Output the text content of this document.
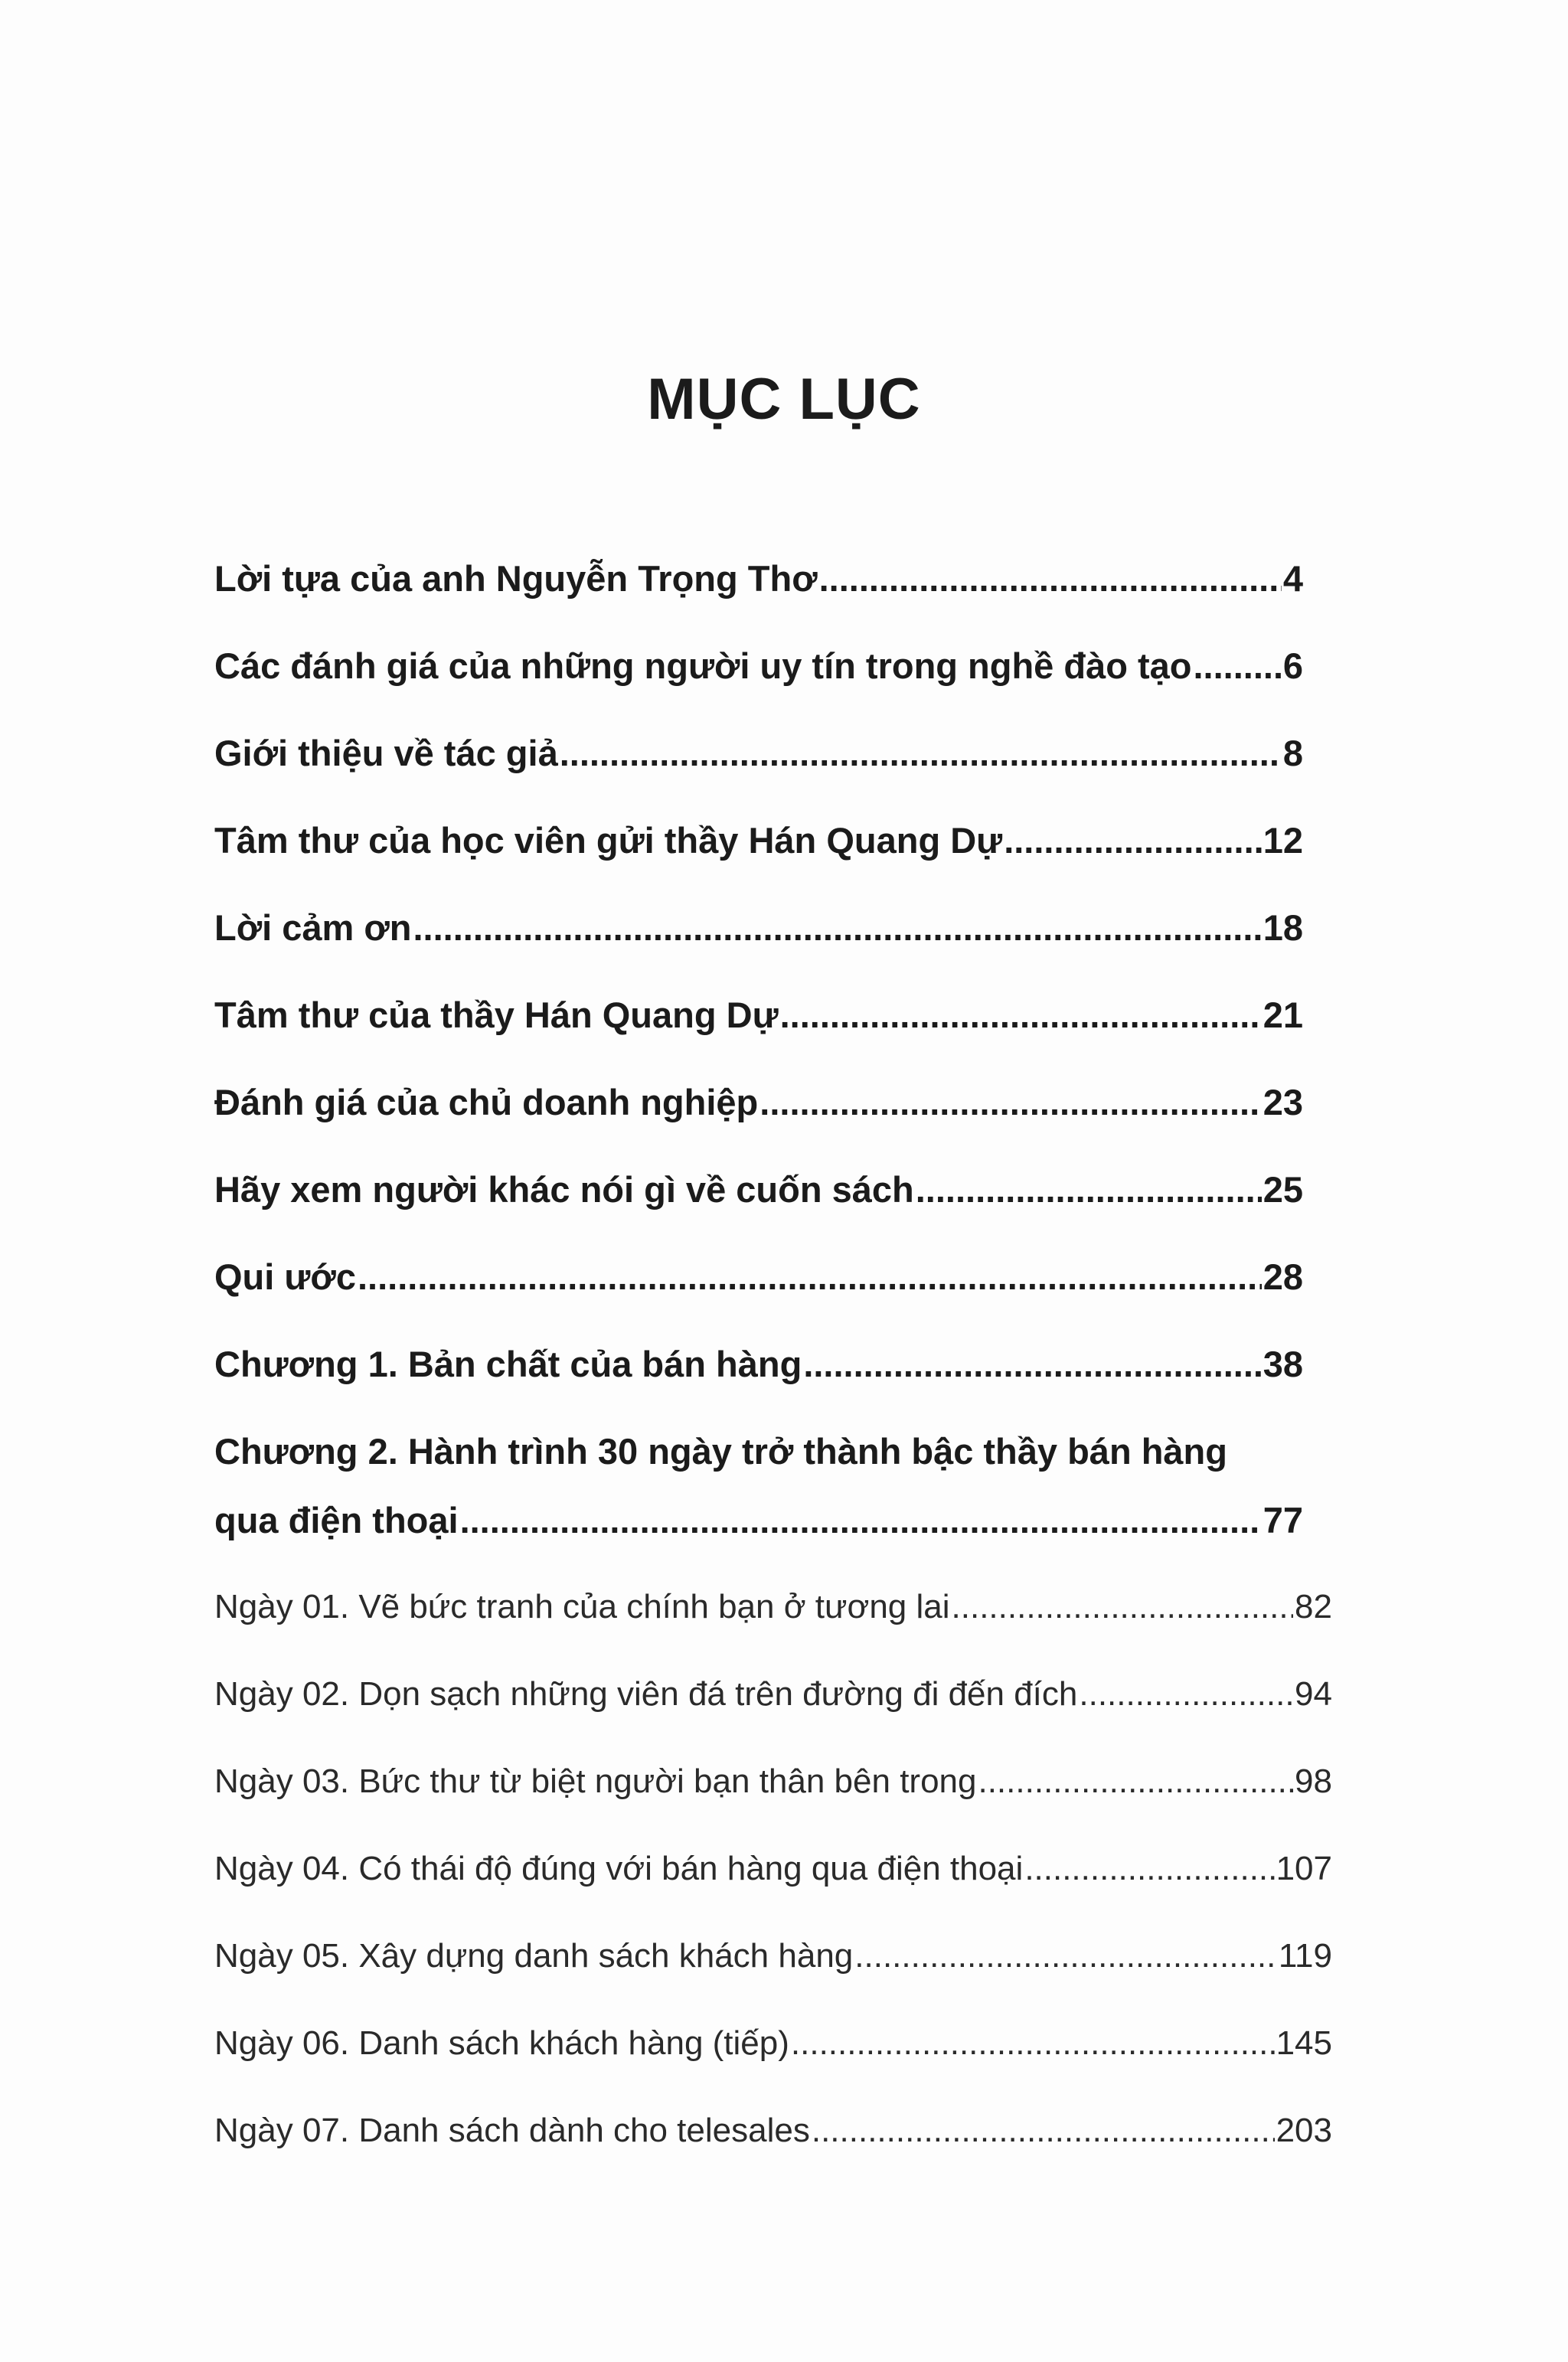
MỤC LỤC
Lời tựa của anh Nguyễn Trọng Thơ .....	4
Các đánh giá của những người uy tín trong nghề đào tạo .....	6
Giới thiệu về tác giả .....	8
Tâm thư của học viên gửi thầy Hán Quang Dự .....	12
Lời cảm ơn .....	18
Tâm thư của thầy Hán Quang Dự .....	21
Đánh giá của chủ doanh nghiệp .....	23
Hãy xem người khác nói gì về cuốn sách .....	25
Qui ước .....	28
Chương 1. Bản chất của bán hàng .....	38
Chương 2. Hành trình 30 ngày trở thành bậc thầy bán hàng
qua điện thoại .....	77
Ngày 01. Vẽ bức tranh của chính bạn ở tương lai .....	82
Ngày 02. Dọn sạch những viên đá trên đường đi đến đích .....	94
Ngày 03. Bức thư từ biệt người bạn thân bên trong .....	98
Ngày 04. Có thái độ đúng với bán hàng qua điện thoại .....	107
Ngày 05. Xây dựng danh sách khách hàng .....	119
Ngày 06. Danh sách khách hàng (tiếp) .....	145
Ngày 07. Danh sách dành cho telesales .....	203
